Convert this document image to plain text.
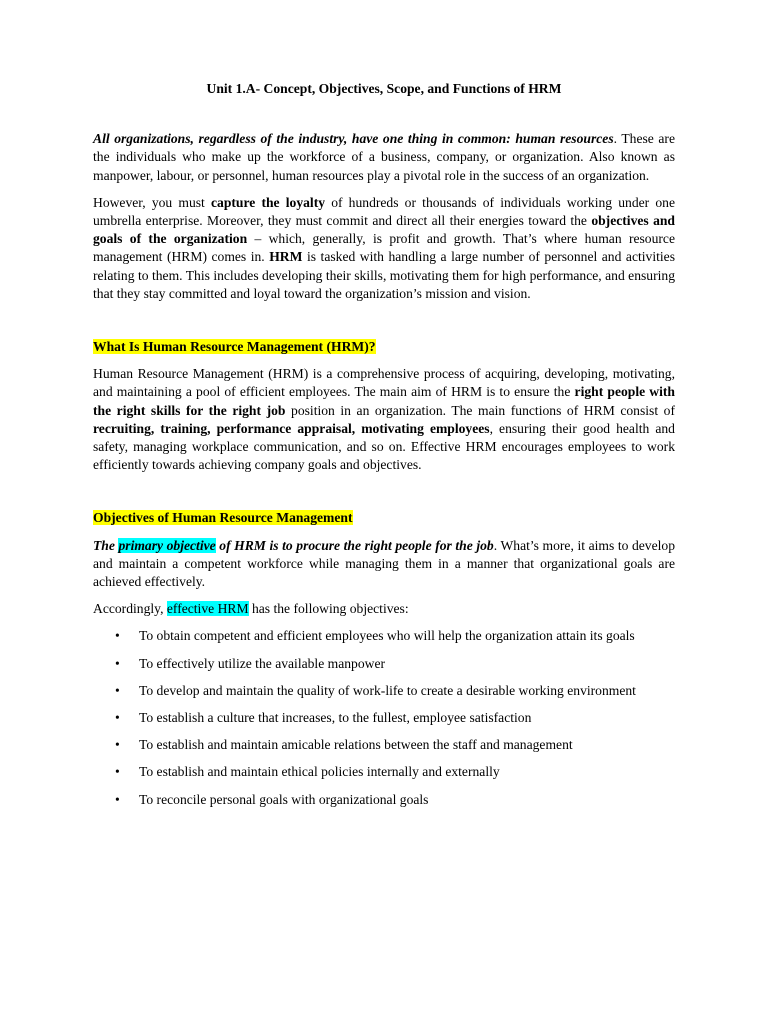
Unit 1.A- Concept, Objectives, Scope, and Functions of HRM

All organizations, regardless of the industry, have one thing in common: human resources. These are the individuals who make up the workforce of a business, company, or organization. Also known as manpower, labour, or personnel, human resources play a pivotal role in the success of an organization.

However, you must capture the loyalty of hundreds or thousands of individuals working under one umbrella enterprise. Moreover, they must commit and direct all their energies toward the objectives and goals of the organization – which, generally, is profit and growth. That’s where human resource management (HRM) comes in. HRM is tasked with handling a large number of personnel and activities relating to them. This includes developing their skills, motivating them for high performance, and ensuring that they stay committed and loyal toward the organization’s mission and vision.

What Is Human Resource Management (HRM)?

Human Resource Management (HRM) is a comprehensive process of acquiring, developing, motivating, and maintaining a pool of efficient employees. The main aim of HRM is to ensure the right people with the right skills for the right job position in an organization. The main functions of HRM consist of recruiting, training, performance appraisal, motivating employees, ensuring their good health and safety, managing workplace communication, and so on. Effective HRM encourages employees to work efficiently towards achieving company goals and objectives.

Objectives of Human Resource Management

The primary objective of HRM is to procure the right people for the job. What’s more, it aims to develop and maintain a competent workforce while managing them in a manner that organizational goals are achieved effectively.

Accordingly, effective HRM has the following objectives:

• To obtain competent and efficient employees who will help the organization attain its goals
• To effectively utilize the available manpower
• To develop and maintain the quality of work-life to create a desirable working environment
• To establish a culture that increases, to the fullest, employee satisfaction
• To establish and maintain amicable relations between the staff and management
• To establish and maintain ethical policies internally and externally
• To reconcile personal goals with organizational goals
